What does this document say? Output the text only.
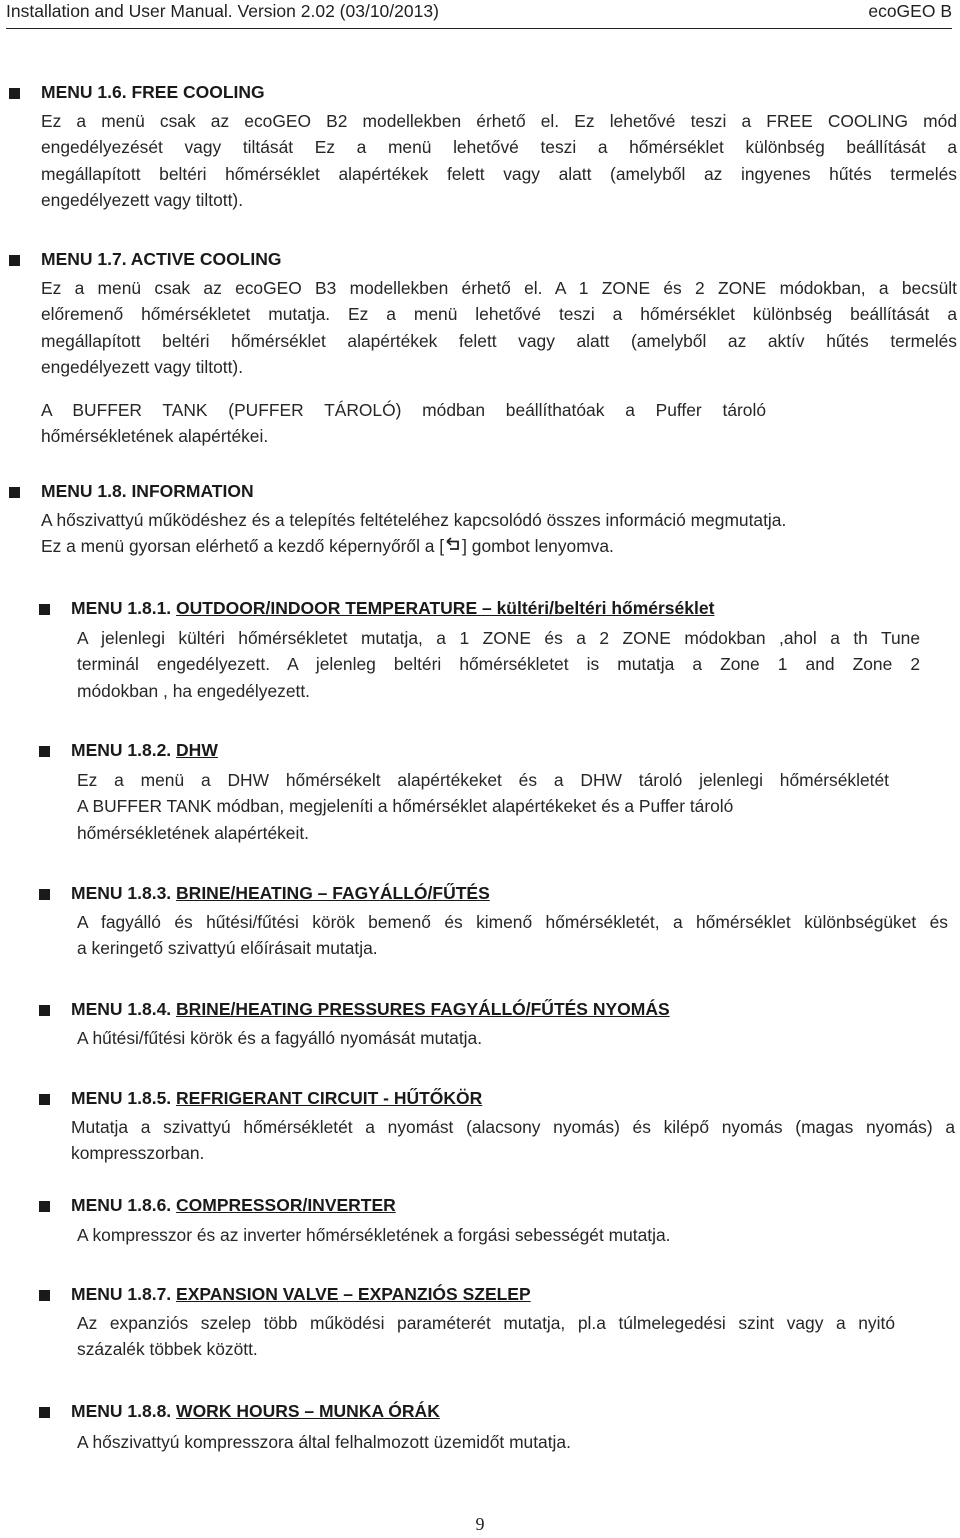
Installation and User Manual. Version 2.02 (03/10/2013)	ecoGEO B
MENU 1.6. FREE COOLING
Ez a menü csak az ecoGEO B2 modellekben érhető el. Ez lehetővé teszi a FREE COOLING mód
engedélyezését vagy tiltását Ez a menü lehetővé teszi a hőmérséklet különbség beállítását a
megállapított beltéri hőmérséklet alapértékek felett vagy alatt (amelyből az ingyenes hűtés termelés
engedélyezett vagy tiltott).
MENU 1.7. ACTIVE COOLING
Ez a menü csak az ecoGEO B3 modellekben érhető el. A 1 ZONE és 2 ZONE módokban, a becsült
előremenő hőmérsékletet mutatja. Ez a menü lehetővé teszi a hőmérséklet különbség beállítását a
megállapított beltéri hőmérséklet alapértékek felett vagy alatt (amelyből az aktív hűtés termelés
engedélyezett vagy tiltott).
A BUFFER TANK (PUFFER TÁROLÓ) módban beállíthatóak a Puffer tároló
hőmérsékletének alapértékei.
MENU 1.8. INFORMATION
A hőszivattyú működéshez és a telepítés feltételéhez kapcsolódó összes információ megmutatja.
Ez a menü gyorsan elérhető a kezdő képernyőről a [ ] gombot lenyomva.
MENU 1.8.1. OUTDOOR/INDOOR TEMPERATURE – kültéri/beltéri hőmérséklet
A jelenlegi kültéri hőmérsékletet mutatja, a 1 ZONE és a 2 ZONE módokban ,ahol a th Tune
terminál engedélyezett. A jelenleg beltéri hőmérsékletet is mutatja a Zone 1 and Zone 2
módokban , ha engedélyezett.
MENU 1.8.2. DHW
Ez a menü a DHW hőmérsékelt alapértékeket és a DHW tároló jelenlegi hőmérsékletét
A BUFFER TANK módban, megjeleníti a hőmérséklet alapértékeket és a Puffer tároló
hőmérsékletének alapértékeit.
MENU 1.8.3. BRINE/HEATING – FAGYÁLLÓ/FŰTÉS
A fagyálló és hűtési/fűtési körök bemenő és kimenő hőmérsékletét, a hőmérséklet különbségüket és
a keringető szivattyú előírásait mutatja.
MENU 1.8.4. BRINE/HEATING PRESSURES FAGYÁLLÓ/FŰTÉS NYOMÁS
A hűtési/fűtési körök és a fagyálló nyomását mutatja.
MENU 1.8.5. REFRIGERANT CIRCUIT - HŰTŐKÖR
Mutatja a szivattyú hőmérsékletét a nyomást (alacsony nyomás) és kilépő nyomás (magas nyomás) a
kompresszorban.
MENU 1.8.6. COMPRESSOR/INVERTER
A kompresszor és az inverter hőmérsékletének a forgási sebességét mutatja.
MENU 1.8.7. EXPANSION VALVE – EXPANZIÓS SZELEP
Az expanziós szelep több működési paraméterét mutatja, pl.a túlmelegedési szint vagy a nyitó
százalék többek között.
MENU 1.8.8. WORK HOURS – MUNKA ÓRÁK
A hőszivattyú kompresszora által felhalmozott üzemidőt mutatja.
9
